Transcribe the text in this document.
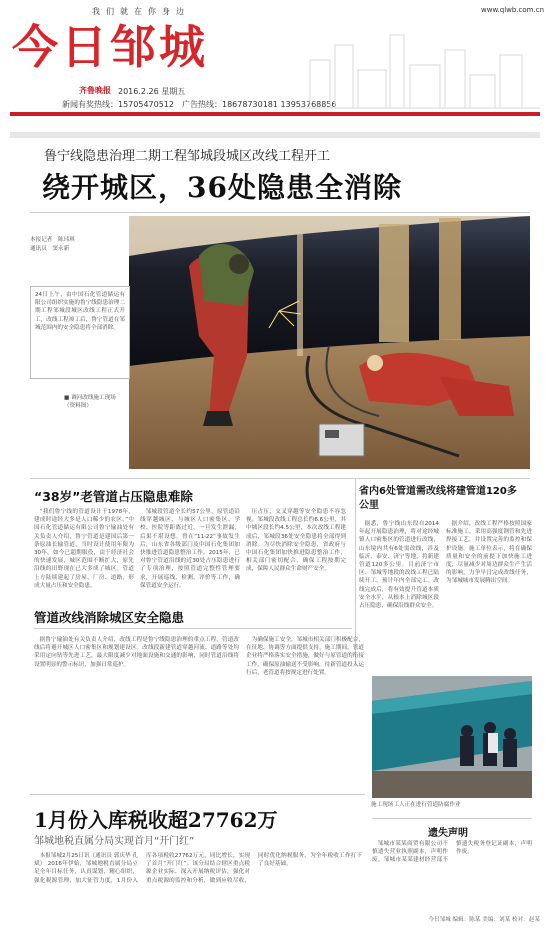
我们就在你身边	www.qlwb.com.cn
今日邹城
齐鲁晚报 2016.2.26 星期五
新闻有奖热线：15705470512　 广告热线：18678730181 13953768856
鲁宁线隐患治理二期工程邹城段城区改线工程开工
绕开城区，36处隐患全消除
本报记者　陈玮琪
通讯员　窦永新
24日上午，由中国石化管道储运有限公司组织实施的鲁宁线隐患治理二期工程邹城段城区改线工程正式开工，改线工程竣工后，鲁宁管道在邹城范围内的安全隐患将全部消除。
■ 调河改线施工现场（资料图）
“38岁”老管道占压隐患难除

“我们鲁宁线的管道设计于1978年，建成时途经大多是人口稀少的农区，”中国石化管道储运有限公司鲁宁输油处有关负责人介绍，鲁宁管道是建国后第一条原油长输管道，当时设计使用年限为30年，如今已超期服役，由于经济社会的快速发展，城区范围不断扩大，原先沿线的田野现在已大多成了城区。管道上方陆续建起了房屋、厂房、道路，形成大量占压和安全隐患。

邹城段管道全长约57公里，原管道沿线穿越城区，与城区人口密集区、学校、医院等距离过近，一旦发生泄漏，后果不堪设想。曾在“11·22”事故发生后，山东省各级部门及中国石化集团加快推进管道隐患整治工作。2015年，已对鲁宁管道沿线的近30处占压隐患进行了专项治理，按照管道完整性管理要求，开展巡线、检测、评价等工作，确保管道安全运行。

压占压，交叉穿越等安全隐患不容忽视。邹城段改线工程总长约6.6公里，其中城区段长约4.5公里，本次改线工程建成后，邹城段36处安全隐患将全部得到消除。为尽快消除安全隐患，省政府与中国石化集团加快推进隐患整治工作，相关部门密切配合，确保工程按期完成，保障人民群众生命财产安全。

省内6处管道需改线将建管道120多公里

据悉，鲁宁线山东段自2014年起开展隐患治理，将对途经城镇人口密集区的管道进行改线，山东境内共有6处需改线，涉及临沂、泰安、济宁等地，将新建管道120多公里。目前济宁市区、邹城等地段的改线工程已陆续开工，预计年内全部完工。改线完成后，将有效提升管道本质安全水平，从根本上消除城区段占压隐患，确保沿线群众安全。

据介绍，改线工程严格按照国家标准施工，采用高强度钢管和先进焊接工艺，并设置完善的监控和保护设施。施工单位表示，将在确保质量和安全的前提下加快施工进度，尽量减少对周边群众生产生活的影响，力争早日完成改线任务，为邹城城市发展腾出空间。

管道改线消除城区安全隐患

据鲁宁输油处有关负责人介绍，改线工程是鲁宁线隐患治理的重点工程，管道改线后将避开城区人口密集区和规划建设区。改线段新建管道穿越河流、道路等处均采用定向钻等先进工艺，最大限度减少对地面设施和交通的影响，同时管道沿线将设置明显的警示标识，加强日常巡护。

为确保施工安全，邹城市相关部门积极配合，在征地、协调等方面提供支持。施工期间，管道企业将严格落实安全措施，做好与原管道的衔接工作，确保原油输送不受影响，待新管道投入运行后，老管道将按规定进行处置。

施工现场工人正在进行管道防腐作业
1月份入库税收超27762万
邹城地税直属分局实现首月“开门红”

本报邹城2月25日讯（通讯员 郭庆华 孔斌） 2016年伊始，邹城地税直属分局立足全年目标任务，认真谋划，精心组织，强化税源管理，加大征管力度，1月份入库各项税收27762万元，同比增长，实现了首月“开门红”。该分局结合辖区重点税源企业实际，深入开展纳税评估，强化对重点税源的监控和分析，做到应收尽收，同时优化纳税服务，为全年税收工作打下了良好基础。

遗失声明

邹城市某某商贸有限公司不慎遗失营业执照副本，声明作废。邹城市某某建材经营部不慎遗失税务登记证副本，声明作废。

今日邹城 编辑：陈某 美编：刘某 校对：赵某
